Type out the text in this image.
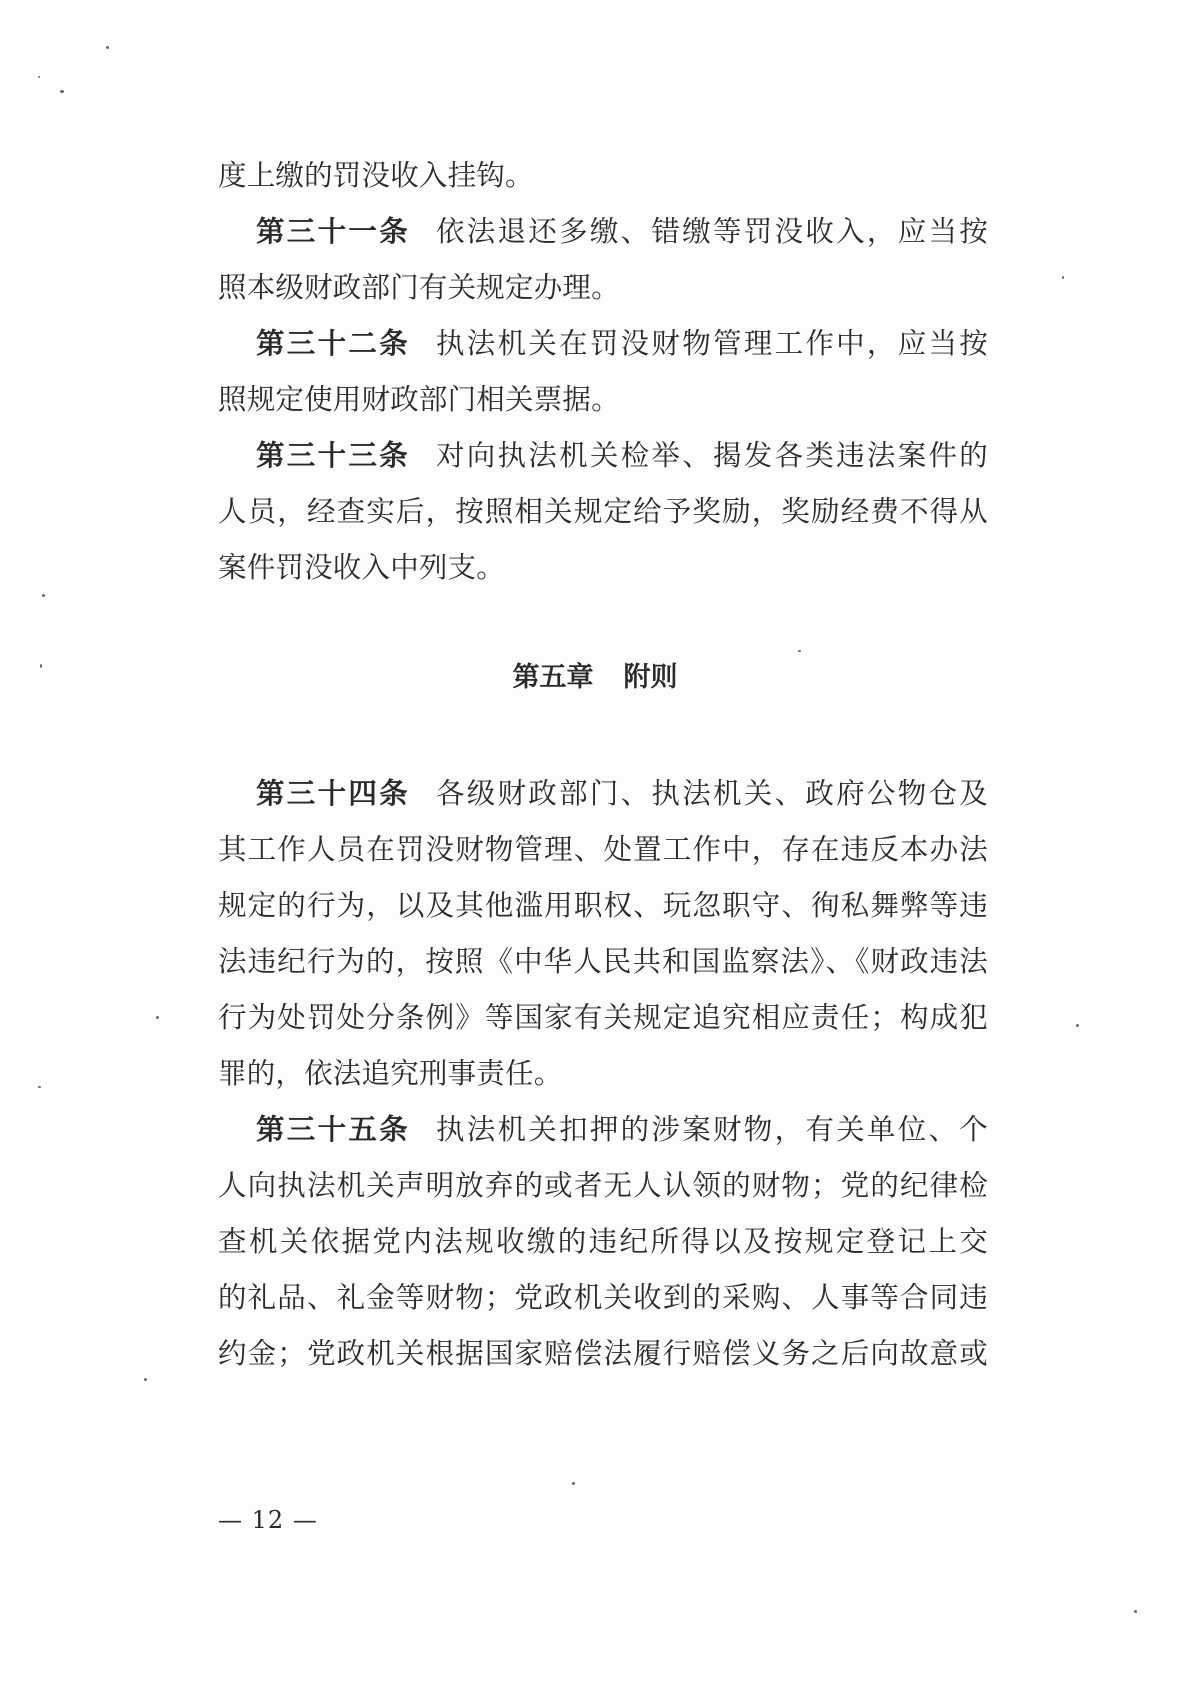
度上缴的罚没收入挂钩。
第三十一条 依法退还多缴、错缴等罚没收入，应当按
照本级财政部门有关规定办理。
第三十二条 执法机关在罚没财物管理工作中，应当按
照规定使用财政部门相关票据。
第三十三条 对向执法机关检举、揭发各类违法案件的
人员，经查实后，按照相关规定给予奖励，奖励经费不得从
案件罚没收入中列支。
第五章 附则
第三十四条 各级财政部门、执法机关、政府公物仓及
其工作人员在罚没财物管理、处置工作中，存在违反本办法
规定的行为，以及其他滥用职权、玩忽职守、徇私舞弊等违
法违纪行为的，按照《中华人民共和国监察法》、《财政违法
行为处罚处分条例》等国家有关规定追究相应责任；构成犯
罪的，依法追究刑事责任。
第三十五条 执法机关扣押的涉案财物，有关单位、个
人向执法机关声明放弃的或者无人认领的财物；党的纪律检
查机关依据党内法规收缴的违纪所得以及按规定登记上交
的礼品、礼金等财物；党政机关收到的采购、人事等合同违
约金；党政机关根据国家赔偿法履行赔偿义务之后向故意或
— 12 —
